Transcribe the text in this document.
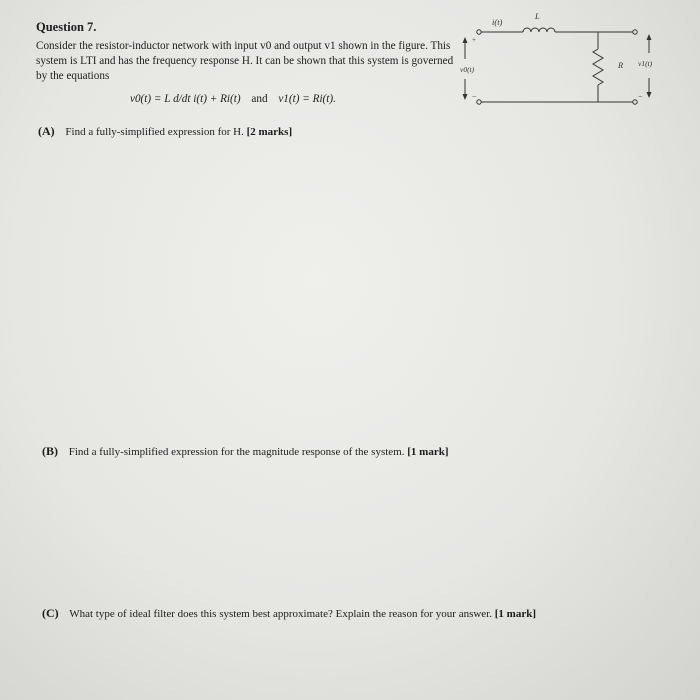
Question 7.
Consider the resistor-inductor network with input v0 and output v1 shown in the figure. This system is LTI and has the frequency response H. It can be shown that this system is governed by the equations
v0(t) = L d/dt i(t) + Ri(t) and v1(t) = Ri(t).
i(t)
L
R
v0(t)
v1(t)
+
−	−
(A) Find a fully-simplified expression for H. [2 marks]
(B) Find a fully-simplified expression for the magnitude response of the system. [1 mark]
(C) What type of ideal filter does this system best approximate? Explain the reason for your answer. [1 mark]
